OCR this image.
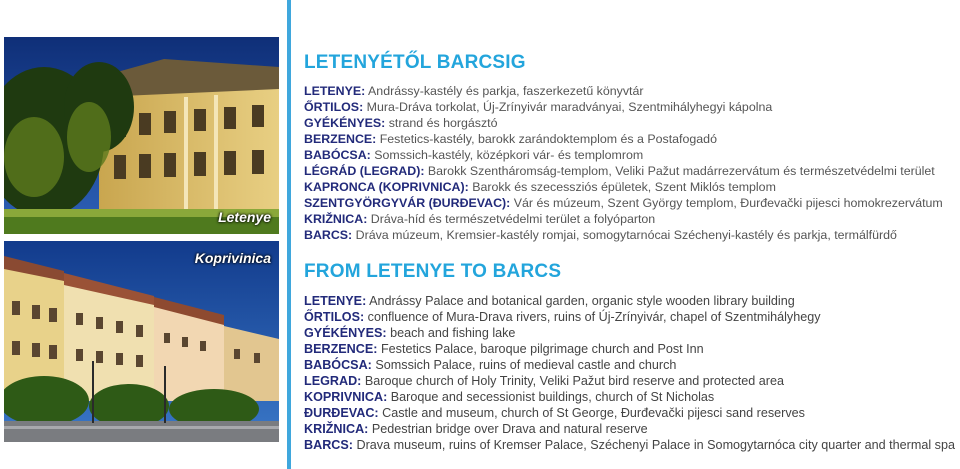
Letenye
Koprivinica
LETENYÉTŐL BARCSIG
LETENYE: Andrássy-kastély és parkja, faszerkezetű könyvtár
ŐRTILOS: Mura-Dráva torkolat, Új-Zrínyivár maradványai, Szentmihályhegyi kápolna
GYÉKÉNYES: strand és horgásztó
BERZENCE: Festetics-kastély, barokk zarándoktemplom és a Postafogadó
BABÓCSA: Somssich-kastély, középkori vár- és templomrom
LÉGRÁD (LEGRAD): Barokk Szentháromság-templom, Veliki Pažut madárrezervátum és természetvédelmi terület
KAPRONCA (KOPRIVNICA): Barokk és szecessziós épületek, Szent Miklós templom
SZENTGYÖRGYVÁR (ĐURĐEVAC): Vár és múzeum, Szent György templom, Đurđevački pijesci homokrezervátum
KRIŽNICA: Dráva-híd és természetvédelmi terület a folyóparton
BARCS: Dráva múzeum, Kremsier-kastély romjai, somogytarnócai Széchenyi-kastély és parkja, termálfürdő
FROM LETENYE TO BARCS
LETENYE: Andrássy Palace and botanical garden, organic style wooden library building
ŐRTILOS: confluence of Mura-Drava rivers, ruins of Új-Zrínyivár, chapel of Szentmihályhegy
GYÉKÉNYES: beach and fishing lake
BERZENCE: Festetics Palace, baroque pilgrimage church and Post Inn
BABÓCSA: Somssich Palace, ruins of medieval castle and church
LEGRAD: Baroque church of Holy Trinity, Veliki Pažut bird reserve and protected area
KOPRIVNICA: Baroque and secessionist buildings, church of St Nicholas
ĐURĐEVAC: Castle and museum, church of St George, Đurđevački pijesci sand reserves
KRIŽNICA: Pedestrian bridge over Drava and natural reserve
BARCS: Drava museum, ruins of Kremser Palace, Széchenyi Palace in Somogytarnóca city quarter and thermal spa
